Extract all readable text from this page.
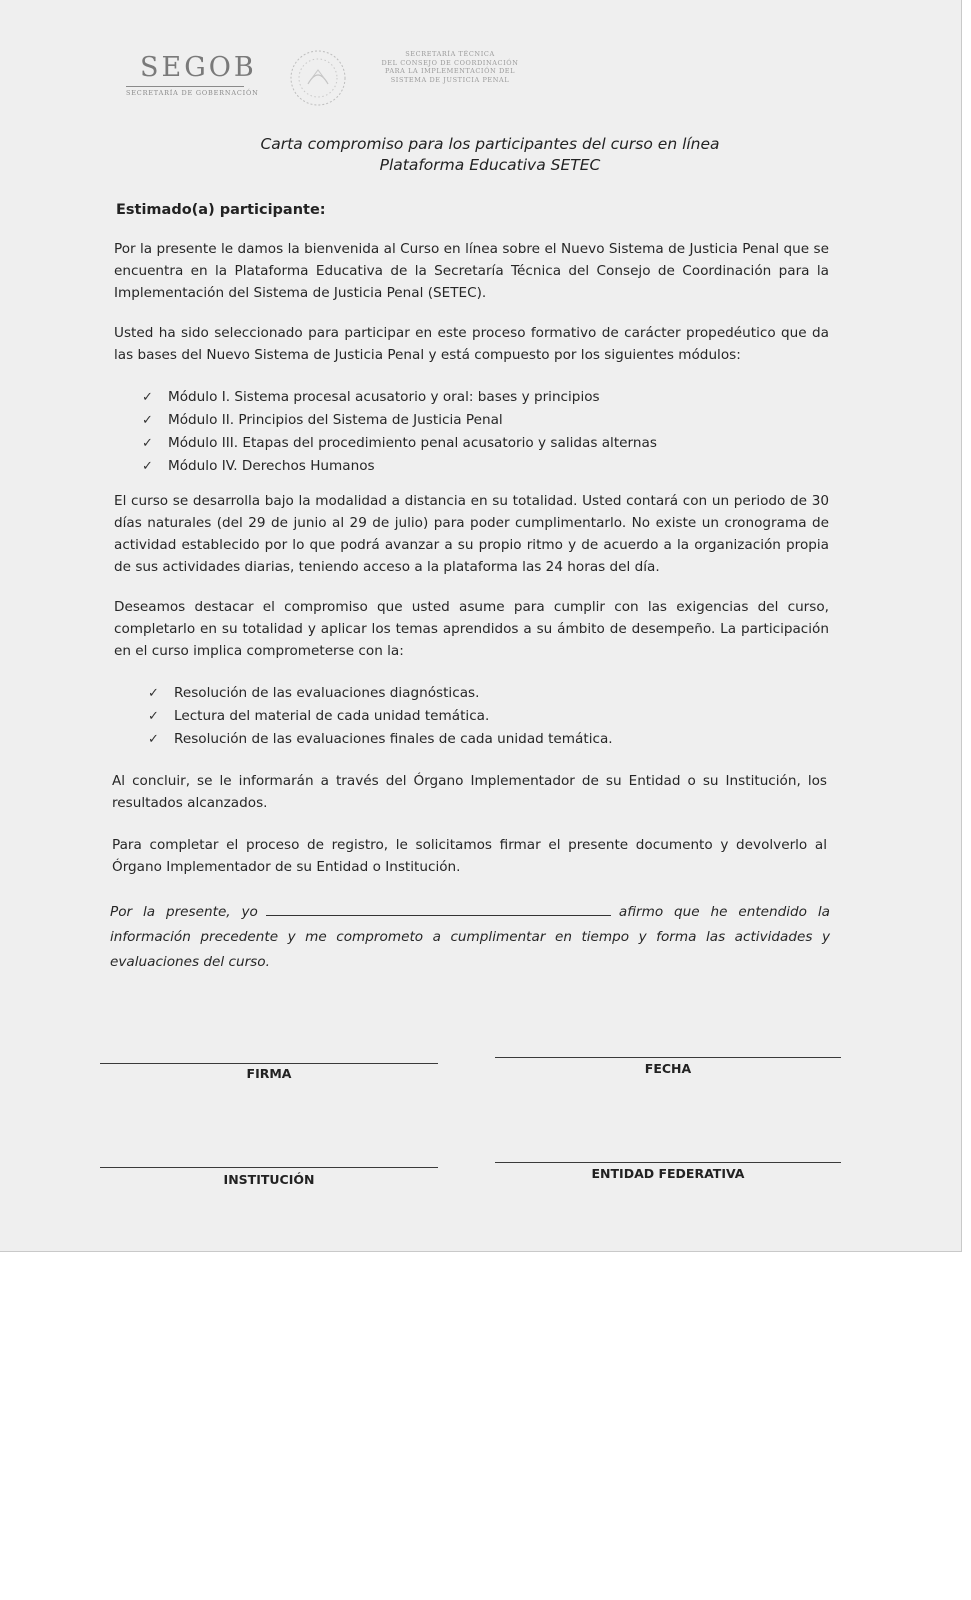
SEGOB
SECRETARÍA DE GOBERNACIÓN
SECRETARÍA TÉCNICA
DEL CONSEJO DE COORDINACIÓN
PARA LA IMPLEMENTACIÓN DEL
SISTEMA DE JUSTICIA PENAL
Carta compromiso para los participantes del curso en línea
Plataforma Educativa SETEC
Estimado(a) participante:
Por la presente le damos la bienvenida al Curso en línea sobre el Nuevo Sistema de Justicia Penal que se encuentra en la Plataforma Educativa de la Secretaría Técnica del Consejo de Coordinación para la Implementación del Sistema de Justicia Penal (SETEC).
Usted ha sido seleccionado para participar en este proceso formativo de carácter propedéutico que da las bases del Nuevo Sistema de Justicia Penal y está compuesto por los siguientes módulos:
✓	Módulo I. Sistema procesal acusatorio y oral: bases y principios
✓	Módulo II. Principios del Sistema de Justicia Penal
✓	Módulo III. Etapas del procedimiento penal acusatorio y salidas alternas
✓	Módulo IV. Derechos Humanos
El curso se desarrolla bajo la modalidad a distancia en su totalidad. Usted contará con un periodo de 30 días naturales (del 29 de junio al 29 de julio) para poder cumplimentarlo. No existe un cronograma de actividad establecido por lo que podrá avanzar a su propio ritmo y de acuerdo a la organización propia de sus actividades diarias, teniendo acceso a la plataforma las 24 horas del día.
Deseamos destacar el compromiso que usted asume para cumplir con las exigencias del curso, completarlo en su totalidad y aplicar los temas aprendidos a su ámbito de desempeño. La participación en el curso implica comprometerse con la:
✓	Resolución de las evaluaciones diagnósticas.
✓	Lectura del material de cada unidad temática.
✓	Resolución de las evaluaciones finales de cada unidad temática.
Al concluir, se le informarán a través del Órgano Implementador de su Entidad o su Institución, los resultados alcanzados.
Para completar el proceso de registro, le solicitamos firmar el presente documento y devolverlo al Órgano Implementador de su Entidad o Institución.
Por la presente, yo	afirmo que he entendido la información precedente y me comprometo a cumplimentar en tiempo y forma las actividades y evaluaciones del curso.
FIRMA	FECHA
INSTITUCIÓN	ENTIDAD FEDERATIVA
